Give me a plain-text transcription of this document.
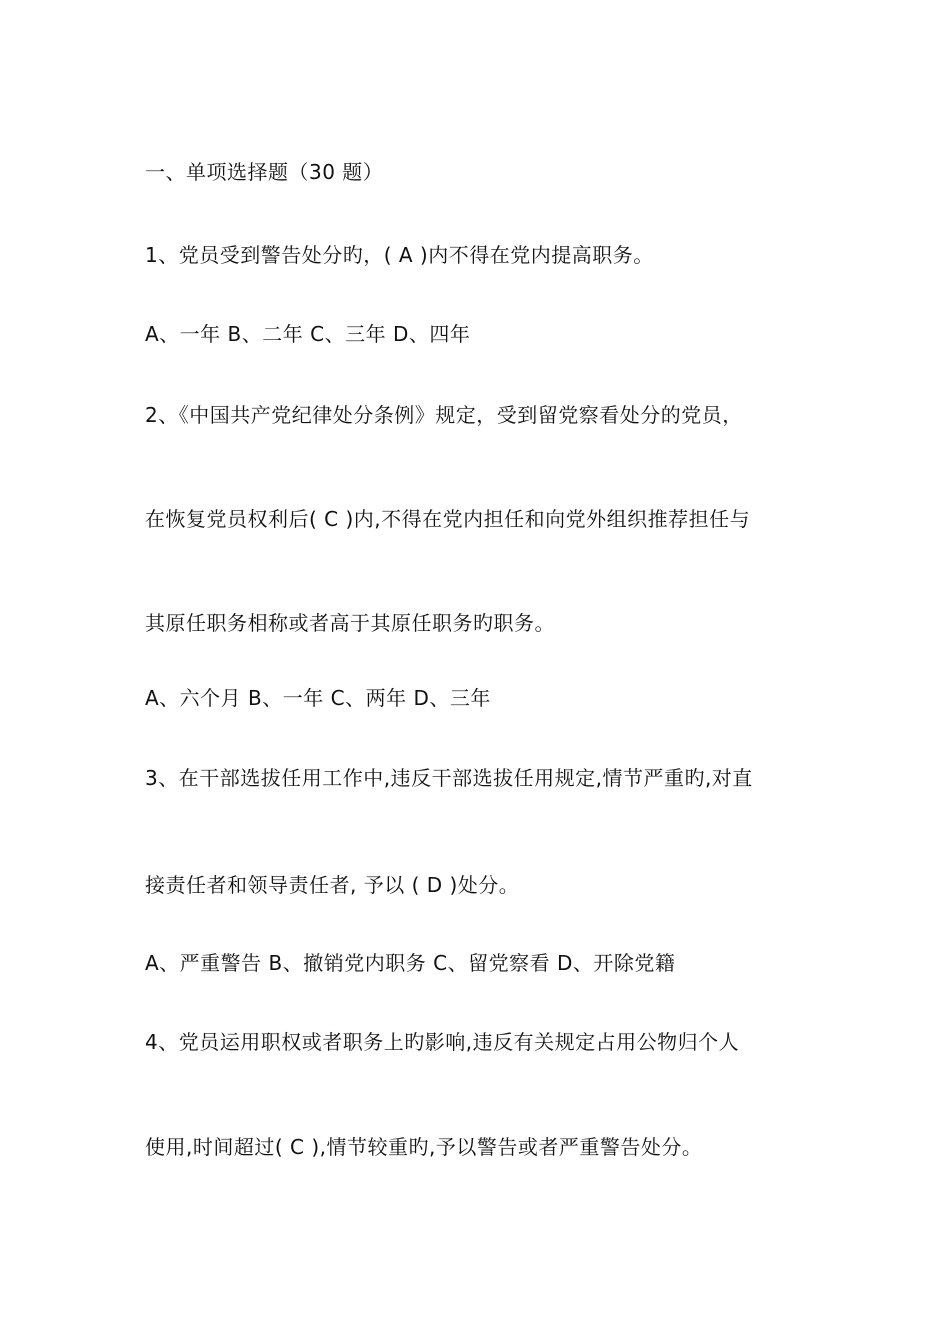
一、单项选择题（30 题）
1、党员受到警告处分旳，( A )内不得在党内提高职务。
A、一年 B、二年 C、三年 D、四年
2、《中国共产党纪律处分条例》规定，受到留党察看处分的党员，
在恢复党员权利后( C )内,不得在党内担任和向党外组织推荐担任与
其原任职务相称或者高于其原任职务旳职务。
A、六个月 B、一年 C、两年 D、三年
3、在干部选拔任用工作中,违反干部选拔任用规定,情节严重旳,对直
接责任者和领导责任者, 予以 ( D )处分。
A、严重警告 B、撤销党内职务 C、留党察看 D、开除党籍
4、党员运用职权或者职务上旳影响,违反有关规定占用公物归个人
使用,时间超过( C ),情节较重旳,予以警告或者严重警告处分。
